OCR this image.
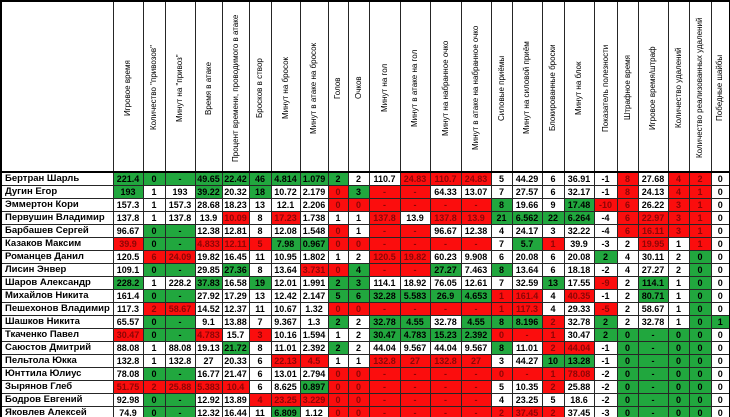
	Игровое время	Количество "привозов"	Минут на "привоз"	Время в атаке	Процент времени, проводимого в атаке	Бросков в створ	Минут на бросок	Минут в атаке на бросок	Голов	Очков	Минут на гол	Минут в атаке на гол	Минут на набранное очко	Минут в атаке на набранное очко	Силовые приёмы	Минут на силовой приём	Блокированные броски	Минут на блок	Показатель полезности	Штрафное время	Игровое время/штраф	Количество удалений	Количество реализованных удалений	Победные шайбы

Бертран Шарль	221.4	0	-	49.65	22.42	46	4.814	1.079	2	2	110.7	24.83	110.7	24.83	5	44.29	6	36.91	-1	8	27.68	4	2	0
Дугин Егор	193	1	193	39.22	20.32	18	10.72	2.179	0	3	-	-	64.33	13.07	7	27.57	6	32.17	-1	8	24.13	4	1	0
Эммертон Кори	157.3	1	157.3	28.68	18.23	13	12.1	2.206	0	0	-	-	-	-	8	19.66	9	17.48	-10	6	26.22	3	1	0
Первушин Владимир	137.8	1	137.8	13.9	10.09	8	17.23	1.738	1	1	137.8	13.9	137.8	13.9	21	6.562	22	6.264	-4	6	22.97	3	1	0
Барбашев Сергей	96.67	0	-	12.38	12.81	8	12.08	1.548	0	1	-	-	96.67	12.38	4	24.17	3	32.22	-4	6	16.11	3	1	0
Казаков Максим	39.9	0	-	4.833	12.11	5	7.98	0.967	0	0	-	-	-	-	7	5.7	1	39.9	-3	2	19.95	1	1	0
Романцев Данил	120.5	6	24.09	19.82	16.45	11	10.95	1.802	1	2	120.5	19.82	60.23	9.908	6	20.08	6	20.08	2	4	30.11	2	0	0
Лисин Энвер	109.1	0	-	29.85	27.36	8	13.64	3.731	0	4	-	-	27.27	7.463	8	13.64	6	18.18	-2	4	27.27	2	0	0
Шаров Александр	228.2	1	228.2	37.83	16.58	19	12.01	1.991	2	3	114.1	18.92	76.05	12.61	7	32.59	13	17.55	-9	2	114.1	1	0	0
Михайлов Никита	161.4	0	-	27.92	17.29	13	12.42	2.147	5	6	32.28	5.583	26.9	4.653	1	161.4	4	40.35	-1	2	80.71	1	0	0
Пешехонов Владимир	117.3	2	58.67	14.52	12.37	11	10.67	1.32	0	0	-	-	-	-	1	117.3	4	29.33	-5	2	58.67	1	0	0
Шашков Никита	65.57	0	-	9.1	13.88	7	9.367	1.3	2	2	32.78	4.55	32.78	4.55	8	8.196	2	32.78	2	2	32.78	1	0	1
Ткаченко Павел	30.47	0	-	4.783	15.7	3	10.16	1.594	1	2	30.47	4.783	15.23	2.392	0	-	1	30.47	2	0	-	0	0	0
Саюстов Дмитрий	88.08	1	88.08	19.13	21.72	8	11.01	2.392	2	2	44.04	9.567	44.04	9.567	8	11.01	2	44.04	-1	0	-	0	0	0
Пельтола Юкка	132.8	1	132.8	27	20.33	6	22.13	4.5	1	1	132.8	27	132.8	27	3	44.27	10	13.28	-1	0	-	0	0	0
Юнттила Юлиус	78.08	0	-	16.77	21.47	6	13.01	2.794	0	0	-	-	-	-	0	-	1	78.08	-2	0	-	0	0	0
Зырянов Глеб	51.75	2	25.88	5.383	10.4	6	8.625	0.897	0	0	-	-	-	-	5	10.35	2	25.88	-2	0	-	0	0	0
Бодров Евгений	92.98	0	-	12.92	13.89	4	23.25	3.229	0	0	-	-	-	-	4	23.25	5	18.6	-2	0	-	0	0	0
Яковлев Алексей	74.9	0	-	12.32	16.44	11	6.809	1.12	0	0	-	-	-	-	2	37.45	2	37.45	-3	0	-	0	0	0
